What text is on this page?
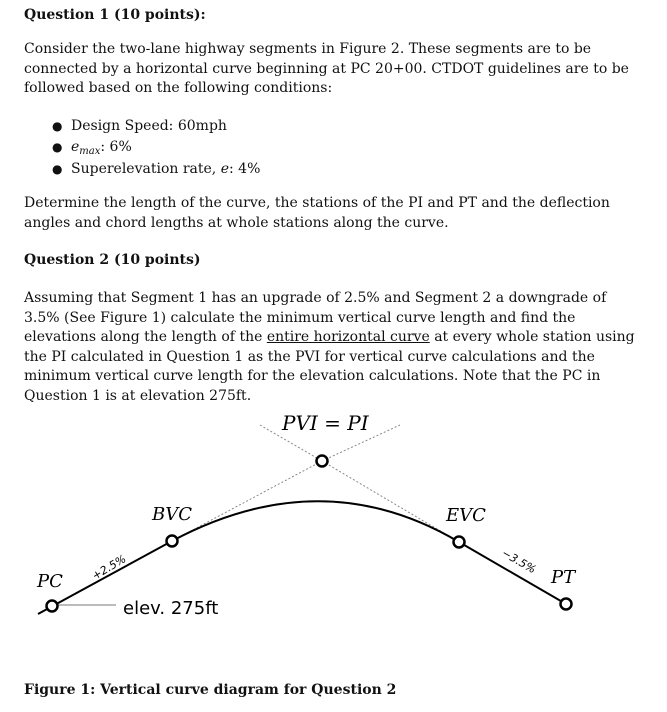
Question 1 (10 points):
Consider the two-lane highway segments in Figure 2. These segments are to be connected by a horizontal curve beginning at PC 20+00. CTDOT guidelines are to be followed based on the following conditions:
● Design Speed: 60mph
● $e_{max}$: 6%
● Superelevation rate, e: 4%
Determine the length of the curve, the stations of the PI and PT and the deflection angles and chord lengths at whole stations along the curve.
Question 2 (10 points)
Assuming that Segment 1 has an upgrade of 2.5% and Segment 2 a downgrade of 3.5% (See Figure 1) calculate the minimum vertical curve length and find the elevations along the length of the entire horizontal curve at every whole station using the PI calculated in Question 1 as the PVI for vertical curve calculations and the minimum vertical curve length for the elevation calculations. Note that the PC in Question 1 is at elevation 275ft.
PVI = PI
BVC	EVC
PC	PT
+2.5%	−3.5%
elev. 275ft
Figure 1: Vertical curve diagram for Question 2
